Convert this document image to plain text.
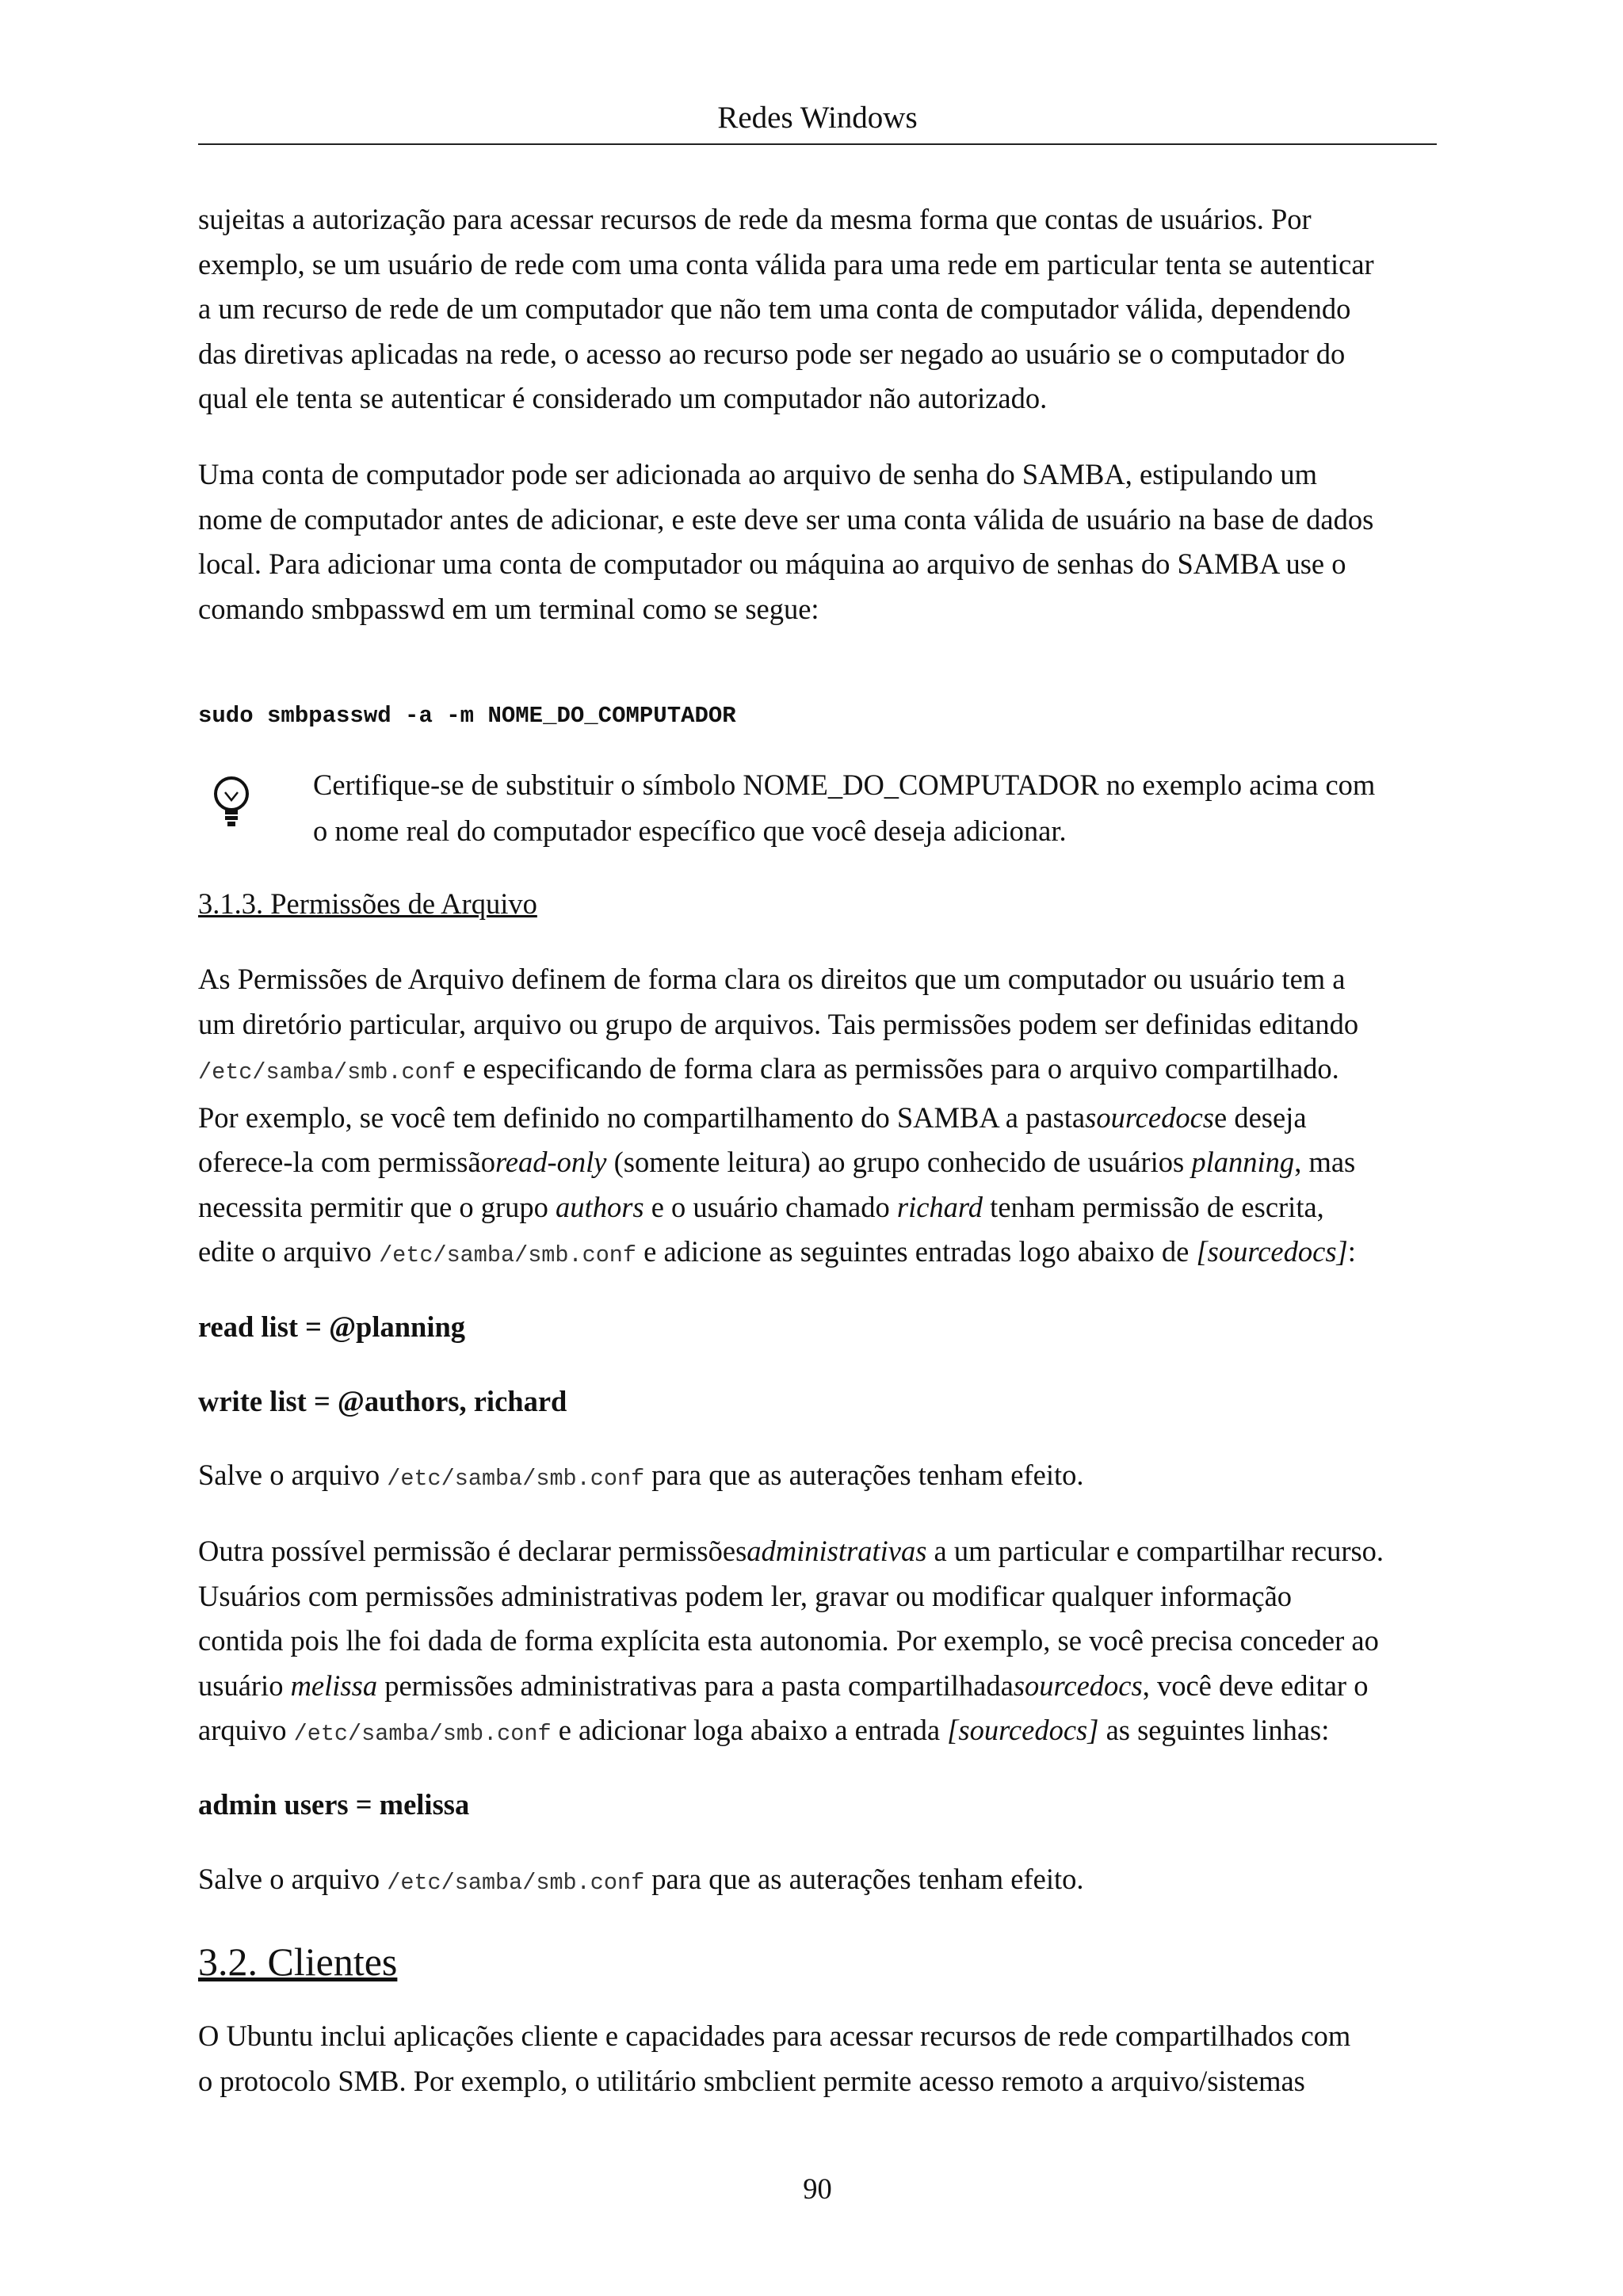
Redes Windows
sujeitas a autorização para acessar recursos de rede da mesma forma que contas de usuários. Por
exemplo, se um usuário de rede com uma conta válida para uma rede em particular tenta se autenticar
a um recurso de rede de um computador que não tem uma conta de computador válida, dependendo
das diretivas aplicadas na rede, o acesso ao recurso pode ser negado ao usuário se o computador do
qual ele tenta se autenticar é considerado um computador não autorizado.
Uma conta de computador pode ser adicionada ao arquivo de senha do SAMBA, estipulando um
nome de computador antes de adicionar, e este deve ser uma conta válida de usuário na base de dados
local. Para adicionar uma conta de computador ou máquina ao arquivo de senhas do SAMBA use o
comando smbpasswd em um terminal como se segue:
sudo smbpasswd -a -m NOME_DO_COMPUTADOR
Certifique-se de substituir o símbolo NOME_DO_COMPUTADOR no exemplo acima com
o nome real do computador específico que você deseja adicionar.
3.1.3. Permissões de Arquivo
As Permissões de Arquivo definem de forma clara os direitos que um computador ou usuário tem a
um diretório particular, arquivo ou grupo de arquivos. Tais permissões podem ser definidas editando
/etc/samba/smb.conf e especificando de forma clara as permissões para o arquivo compartilhado.
Por exemplo, se você tem definido no compartilhamento do SAMBA a pastasourcedocse deseja
oferece-la com permissãoread-only (somente leitura) ao grupo conhecido de usuários planning, mas
necessita permitir que o grupo authors e o usuário chamado richard tenham permissão de escrita,
edite o arquivo /etc/samba/smb.conf e adicione as seguintes entradas logo abaixo de [sourcedocs]:
read list = @planning
write list = @authors, richard
Salve o arquivo /etc/samba/smb.conf para que as auterações tenham efeito.
Outra possível permissão é declarar permissõesadministrativas a um particular e compartilhar recurso.
Usuários com permissões administrativas podem ler, gravar ou modificar qualquer informação
contida pois lhe foi dada de forma explícita esta autonomia. Por exemplo, se você precisa conceder ao
usuário melissa permissões administrativas para a pasta compartilhadasourcedocs, você deve editar o
arquivo /etc/samba/smb.conf e adicionar loga abaixo a entrada [sourcedocs] as seguintes linhas:
admin users = melissa
Salve o arquivo /etc/samba/smb.conf para que as auterações tenham efeito.
3.2. Clientes
O Ubuntu inclui aplicações cliente e capacidades para acessar recursos de rede compartilhados com
o protocolo SMB. Por exemplo, o utilitário smbclient permite acesso remoto a arquivo/sistemas
90
